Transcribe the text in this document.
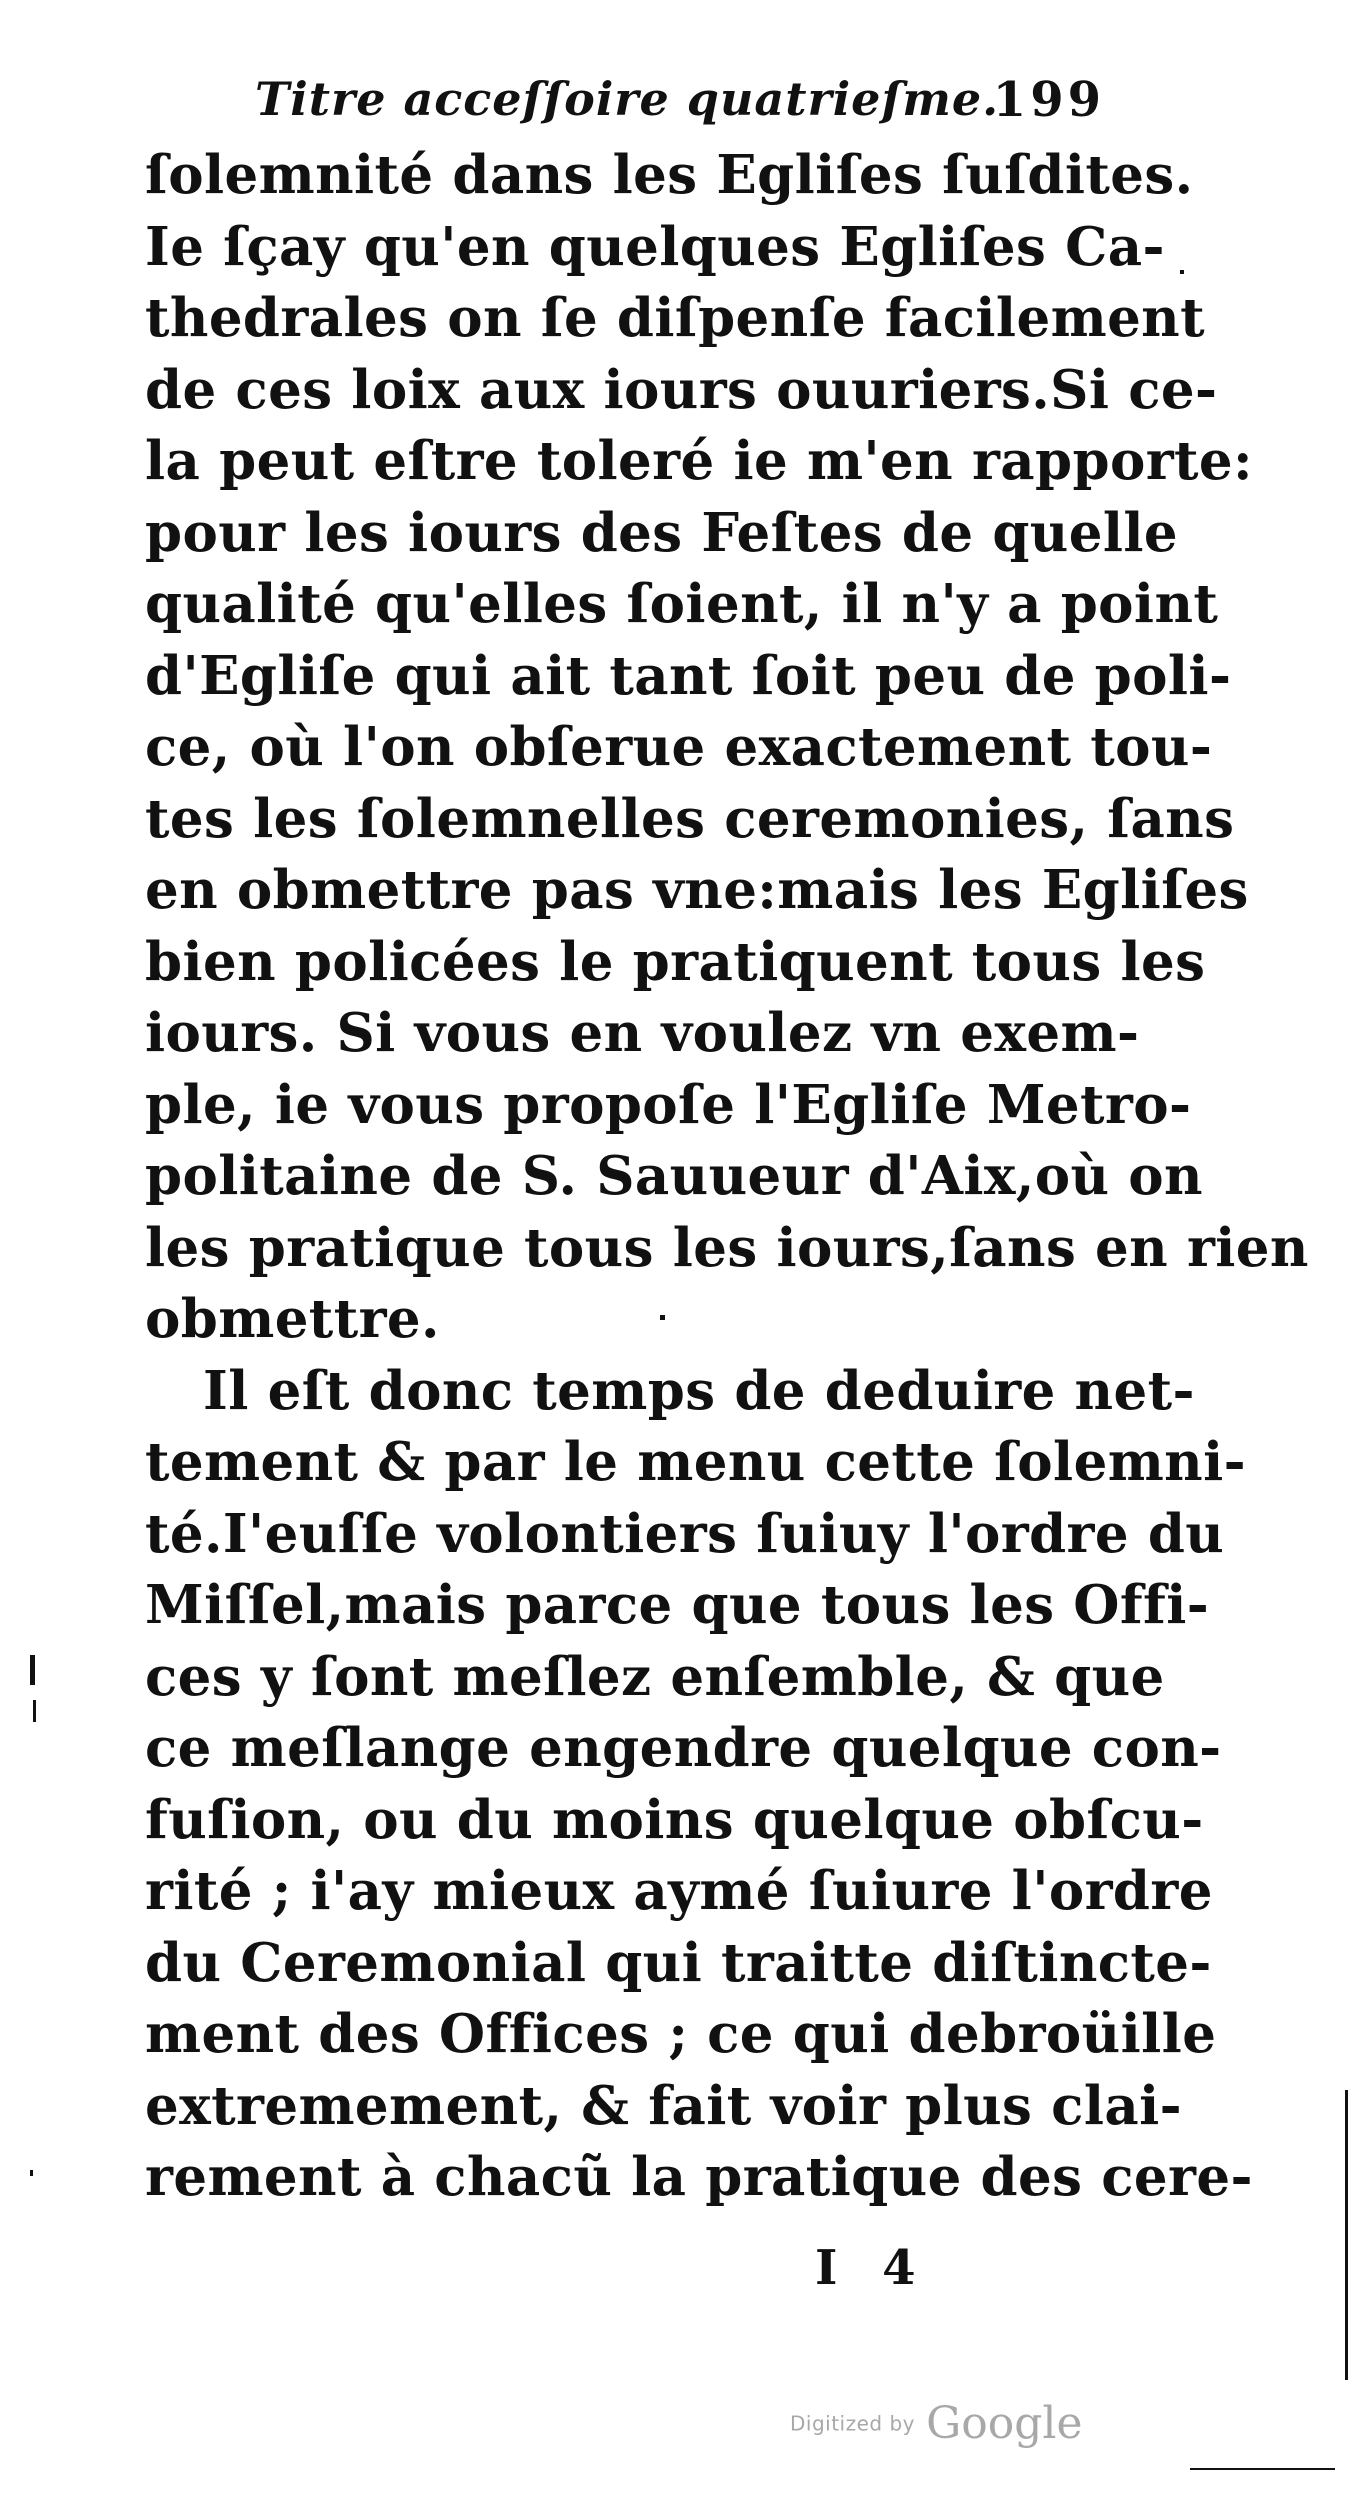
Titre acceſſoire quatrieſme.
199
ſolemnité dans les Egliſes ſuſdites.
Ie ſçay qu'en quelques Egliſes Ca-
thedrales on ſe diſpenſe facilement
de ces loix aux iours ouuriers.Si ce-
la peut eſtre toleré ie m'en rapporte:
pour les iours des Feſtes de quelle
qualité qu'elles ſoient, il n'y a point
d'Egliſe qui ait tant ſoit peu de poli-
ce, où l'on obſerue exactement tou-
tes les ſolemnelles ceremonies, ſans
en obmettre pas vne:mais les Egliſes
bien policées le pratiquent tous les
iours. Si vous en voulez vn exem-
ple, ie vous propoſe l'Egliſe Metro-
politaine de S. Sauueur d'Aix,où on
les pratique tous les iours,ſans en rien
obmettre.
Il eſt donc temps de deduire net-
tement & par le menu cette ſolemni-
té.I'euſſe volontiers ſuiuy l'ordre du
Miſſel,mais parce que tous les Offi-
ces y ſont meſlez enſemble, & que
ce meſlange engendre quelque con-
fuſion, ou du moins quelque obſcu-
rité ; i'ay mieux aymé ſuiure l'ordre
du Ceremonial qui traitte diſtincte-
ment des Offices ; ce qui debroüille
extremement, & fait voir plus clai-
rement à chacũ la pratique des cere-
I 4
Digitized by Google
